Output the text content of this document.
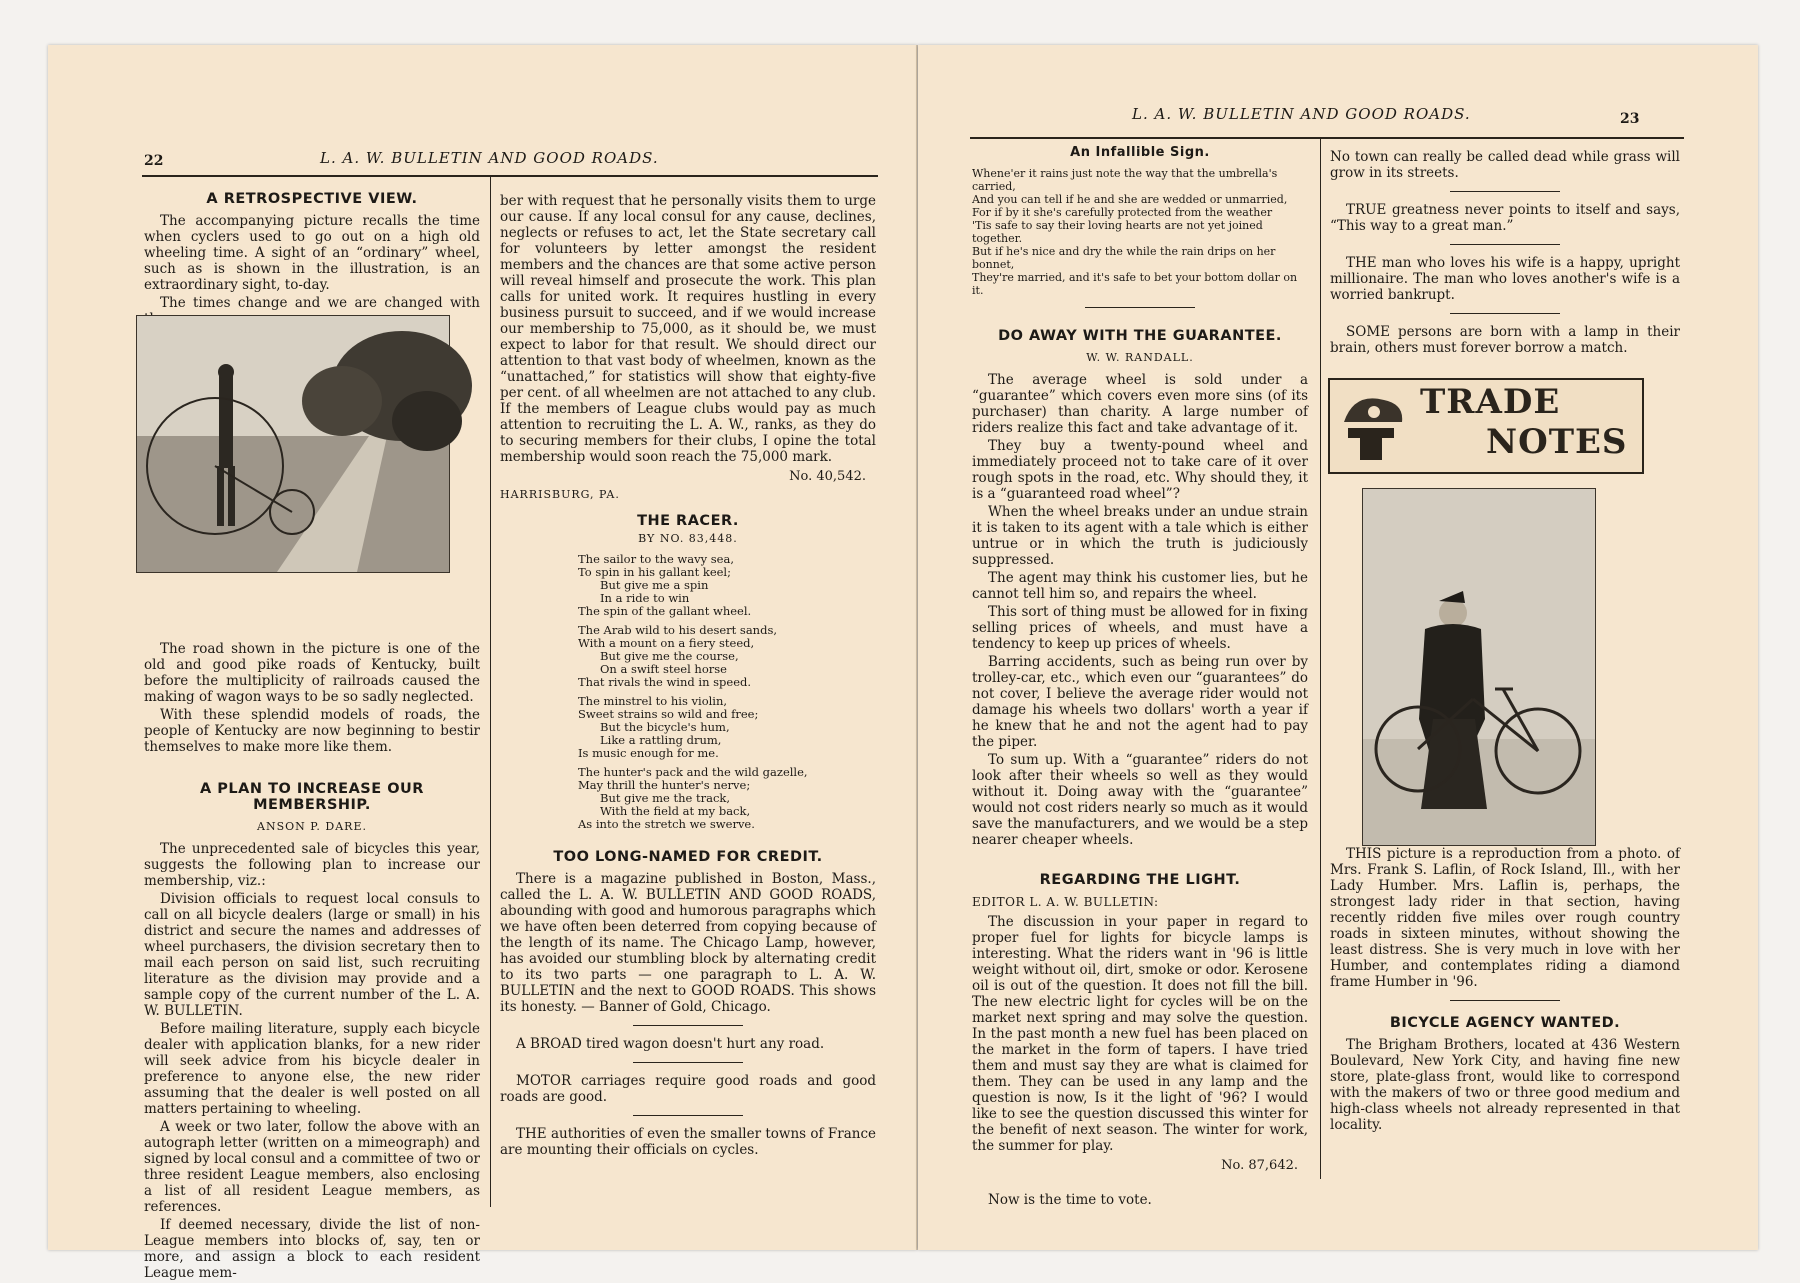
22	L. A. W. BULLETIN AND GOOD ROADS.
A RETROSPECTIVE VIEW.

The accompanying picture recalls the time when cyclers used to go out on a high old wheeling time. A sight of an “ordinary” wheel, such as is shown in the illustration, is an extraordinary sight, to-day.

The times change and we are changed with

The road shown in the picture is one of the old and good pike roads of Kentucky, built before the multiplicity of railroads caused the making of wagon ways to be so sadly neglected.

With these splendid models of roads, the people of Kentucky are now beginning to bestir themselves to make more like them.

A PLAN TO INCREASE OUR MEMBERSHIP.
ANSON P. DARE.

The unprecedented sale of bicycles this year, suggests the following plan to increase our membership, viz.:

Division officials to request local consuls to call on all bicycle dealers (large or small) in his district and secure the names and addresses of wheel purchasers, the division secretary then to mail each person on said list, such recruiting literature as the division may provide and a sample copy of the current number of the L. A. W. BULLETIN.

Before mailing literature, supply each bicycle dealer with application blanks, for a new rider will seek advice from his bicycle dealer in preference to anyone else, the new rider assuming that the dealer is well posted on all matters pertaining to wheeling.

A week or two later, follow the above with an autograph letter (written on a mimeograph) and signed by local consul and a committee of two or three resident League members, also enclosing a list of all resident League members, as references.

If deemed necessary, divide the list of non-League members into blocks of, say, ten or more, and assign a block to each resident League mem-

ber with request that he personally visits them to urge our cause. If any local consul for any cause, declines, neglects or refuses to act, let the State secretary call for volunteers by letter amongst the resident members and the chances are that some active person will reveal himself and prosecute the work. This plan calls for united work. It requires hustling in every business pursuit to succeed, and if we would increase our membership to 75,000, as it should be, we must expect to labor for that result. We should direct our attention to that vast body of wheelmen, known as the “unattached,” for statistics will show that eighty-five per cent. of all wheelmen are not attached to any club. If the members of League clubs would pay as much attention to recruiting the L. A. W., ranks, as they do to securing members for their clubs, I opine the total membership would soon reach the 75,000 mark.

No. 40,542.
HARRISBURG, PA.
THE RACER.
BY NO. 83,448.
The sailor to the wavy sea,
To spin in his gallant keel;
But give me a spin
In a ride to win
The spin of the gallant wheel.
The Arab wild to his desert sands,
With a mount on a fiery steed,
But give me the course,
On a swift steel horse
That rivals the wind in speed.
The minstrel to his violin,
Sweet strains so wild and free;
But the bicycle's hum,
Like a rattling drum,
Is music enough for me.
The hunter's pack and the wild gazelle,
May thrill the hunter's nerve;
But give me the track,
With the field at my back,
As into the stretch we swerve.
TOO LONG-NAMED FOR CREDIT.

There is a magazine published in Boston, Mass., called the L. A. W. BULLETIN AND GOOD ROADS, abounding with good and humorous paragraphs which we have often been deterred from copying because of the length of its name. The Chicago Lamp, however, has avoided our stumbling block by alternating credit to its two parts — one paragraph to L. A. W. BULLETIN and the next to GOOD ROADS. This shows its honesty. — Banner of Gold, Chicago.

A BROAD tired wagon doesn't hurt any road.

MOTOR carriages require good roads and good roads are good.

THE authorities of even the smaller towns of France are mounting their officials on cycles.

L. A. W. BULLETIN AND GOOD ROADS.	23
An Infallible Sign.
Whene'er it rains just note the way that the umbrella's carried,
And you can tell if he and she are wedded or unmarried,
For if by it she's carefully protected from the weather
'Tis safe to say their loving hearts are not yet joined together.
But if he's nice and dry the while the rain drips on her bonnet,
They're married, and it's safe to bet your bottom dollar on it.
DO AWAY WITH THE GUARANTEE.
W. W. RANDALL.

The average wheel is sold under a “guarantee” which covers even more sins (of its purchaser) than charity. A large number of riders realize this fact and take advantage of it.

They buy a twenty-pound wheel and immediately proceed not to take care of it over rough spots in the road, etc. Why should they, it is a “guaranteed road wheel”?

When the wheel breaks under an undue strain it is taken to its agent with a tale which is either untrue or in which the truth is judiciously suppressed.

The agent may think his customer lies, but he cannot tell him so, and repairs the wheel.

This sort of thing must be allowed for in fixing selling prices of wheels, and must have a tendency to keep up prices of wheels.

Barring accidents, such as being run over by trolley-car, etc., which even our “guarantees” do not cover, I believe the average rider would not damage his wheels two dollars' worth a year if he knew that he and not the agent had to pay the piper.

To sum up. With a “guarantee” riders do not look after their wheels so well as they would without it. Doing away with the “guarantee” would not cost riders nearly so much as it would save the manufacturers, and we would be a step nearer cheaper wheels.

REGARDING THE LIGHT.
EDITOR L. A. W. BULLETIN:

The discussion in your paper in regard to proper fuel for lights for bicycle lamps is interesting. What the riders want in '96 is little weight without oil, dirt, smoke or odor. Kerosene oil is out of the question. It does not fill the bill. The new electric light for cycles will be on the market next spring and may solve the question. In the past month a new fuel has been placed on the market in the form of tapers. I have tried them and must say they are what is claimed for them. They can be used in any lamp and the question is now, Is it the light of '96? I would like to see the question discussed this winter for the benefit of next season. The winter for work, the summer for play.

No. 87,642.

Now is the time to vote.

No town can really be called dead while grass will grow in its streets.

TRUE greatness never points to itself and says, “This way to a great man.”

THE man who loves his wife is a happy, upright millionaire. The man who loves another's wife is a worried bankrupt.

SOME persons are born with a lamp in their brain, others must forever borrow a match.

THIS picture is a reproduction from a photo. of Mrs. Frank S. Laflin, of Rock Island, Ill., with her Lady Humber. Mrs. Laflin is, perhaps, the strongest lady rider in that section, having recently ridden five miles over rough country roads in sixteen minutes, without showing the least distress. She is very much in love with her Humber, and contemplates riding a diamond frame Humber in '96.

BICYCLE AGENCY WANTED.

The Brigham Brothers, located at 436 Western Boulevard, New York City, and having fine new store, plate-glass front, would like to correspond with the makers of two or three good medium and high-class wheels not already represented in that locality.

TRADE
NOTES
